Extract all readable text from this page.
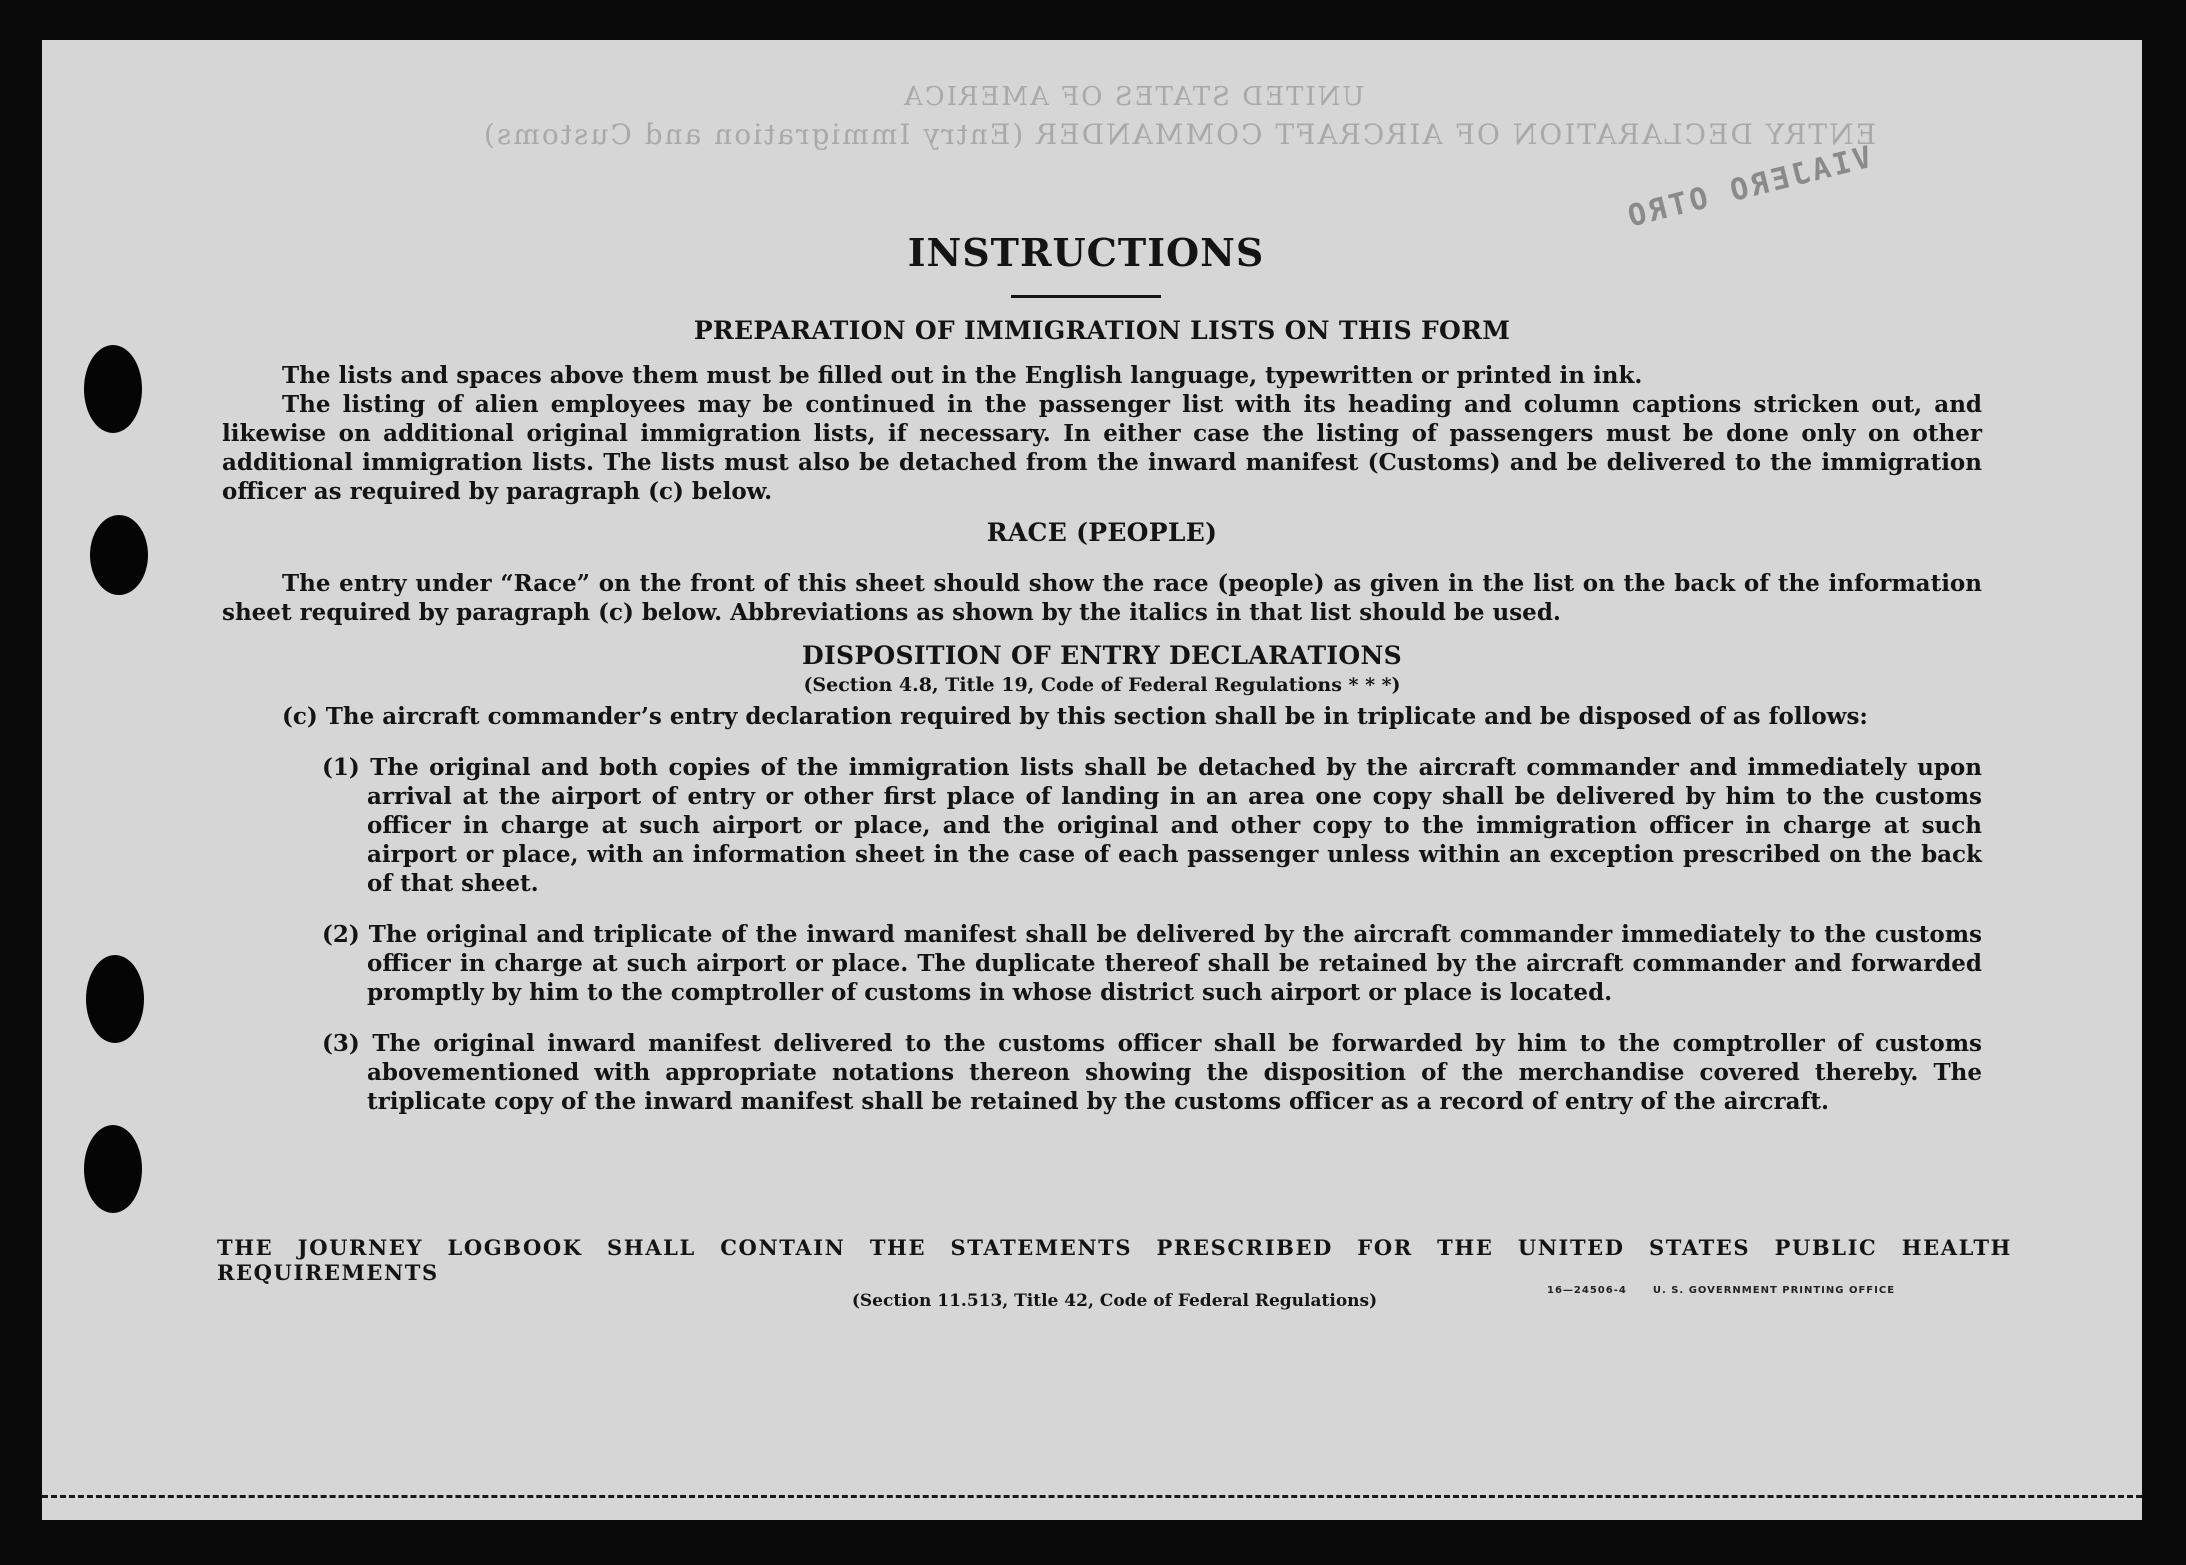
UNITED STATES OF AMERICA
ENTRY DECLARATION OF AIRCRAFT COMMANDER (Entry Immigration and Customs)
VIAJERO OTRO
INSTRUCTIONS
PREPARATION OF IMMIGRATION LISTS ON THIS FORM

The lists and spaces above them must be filled out in the English language, typewritten or printed in ink.

The listing of alien employees may be continued in the passenger list with its heading and column captions stricken out, and likewise on additional original immigration lists, if necessary. In either case the listing of passengers must be done only on other additional immigration lists. The lists must also be detached from the inward manifest (Customs) and be delivered to the immigration officer as required by paragraph (c) below.

RACE (PEOPLE)

The entry under “Race” on the front of this sheet should show the race (people) as given in the list on the back of the information sheet required by paragraph (c) below. Abbreviations as shown by the italics in that list should be used.

DISPOSITION OF ENTRY DECLARATIONS
(Section 4.8, Title 19, Code of Federal Regulations * * *)

(c) The aircraft commander’s entry declaration required by this section shall be in triplicate and be disposed of as follows:

(1) The original and both copies of the immigration lists shall be detached by the aircraft commander and immediately upon arrival at the airport of entry or other first place of landing in an area one copy shall be delivered by him to the customs officer in charge at such airport or place, and the original and other copy to the immigration officer in charge at such airport or place, with an information sheet in the case of each passenger unless within an exception prescribed on the back of that sheet.

(2) The original and triplicate of the inward manifest shall be delivered by the aircraft commander immediately to the customs officer in charge at such airport or place. The duplicate thereof shall be retained by the aircraft commander and forwarded promptly by him to the comptroller of customs in whose district such airport or place is located.

(3) The original inward manifest delivered to the customs officer shall be forwarded by him to the comptroller of customs abovementioned with appropriate notations thereon showing the disposition of the merchandise covered thereby. The triplicate copy of the inward manifest shall be retained by the customs officer as a record of entry of the aircraft.

THE JOURNEY LOGBOOK SHALL CONTAIN THE STATEMENTS PRESCRIBED FOR THE UNITED STATES PUBLIC HEALTH REQUIREMENTS
(Section 11.513, Title 42, Code of Federal Regulations)
16—24506-4	U. S. GOVERNMENT PRINTING OFFICE
